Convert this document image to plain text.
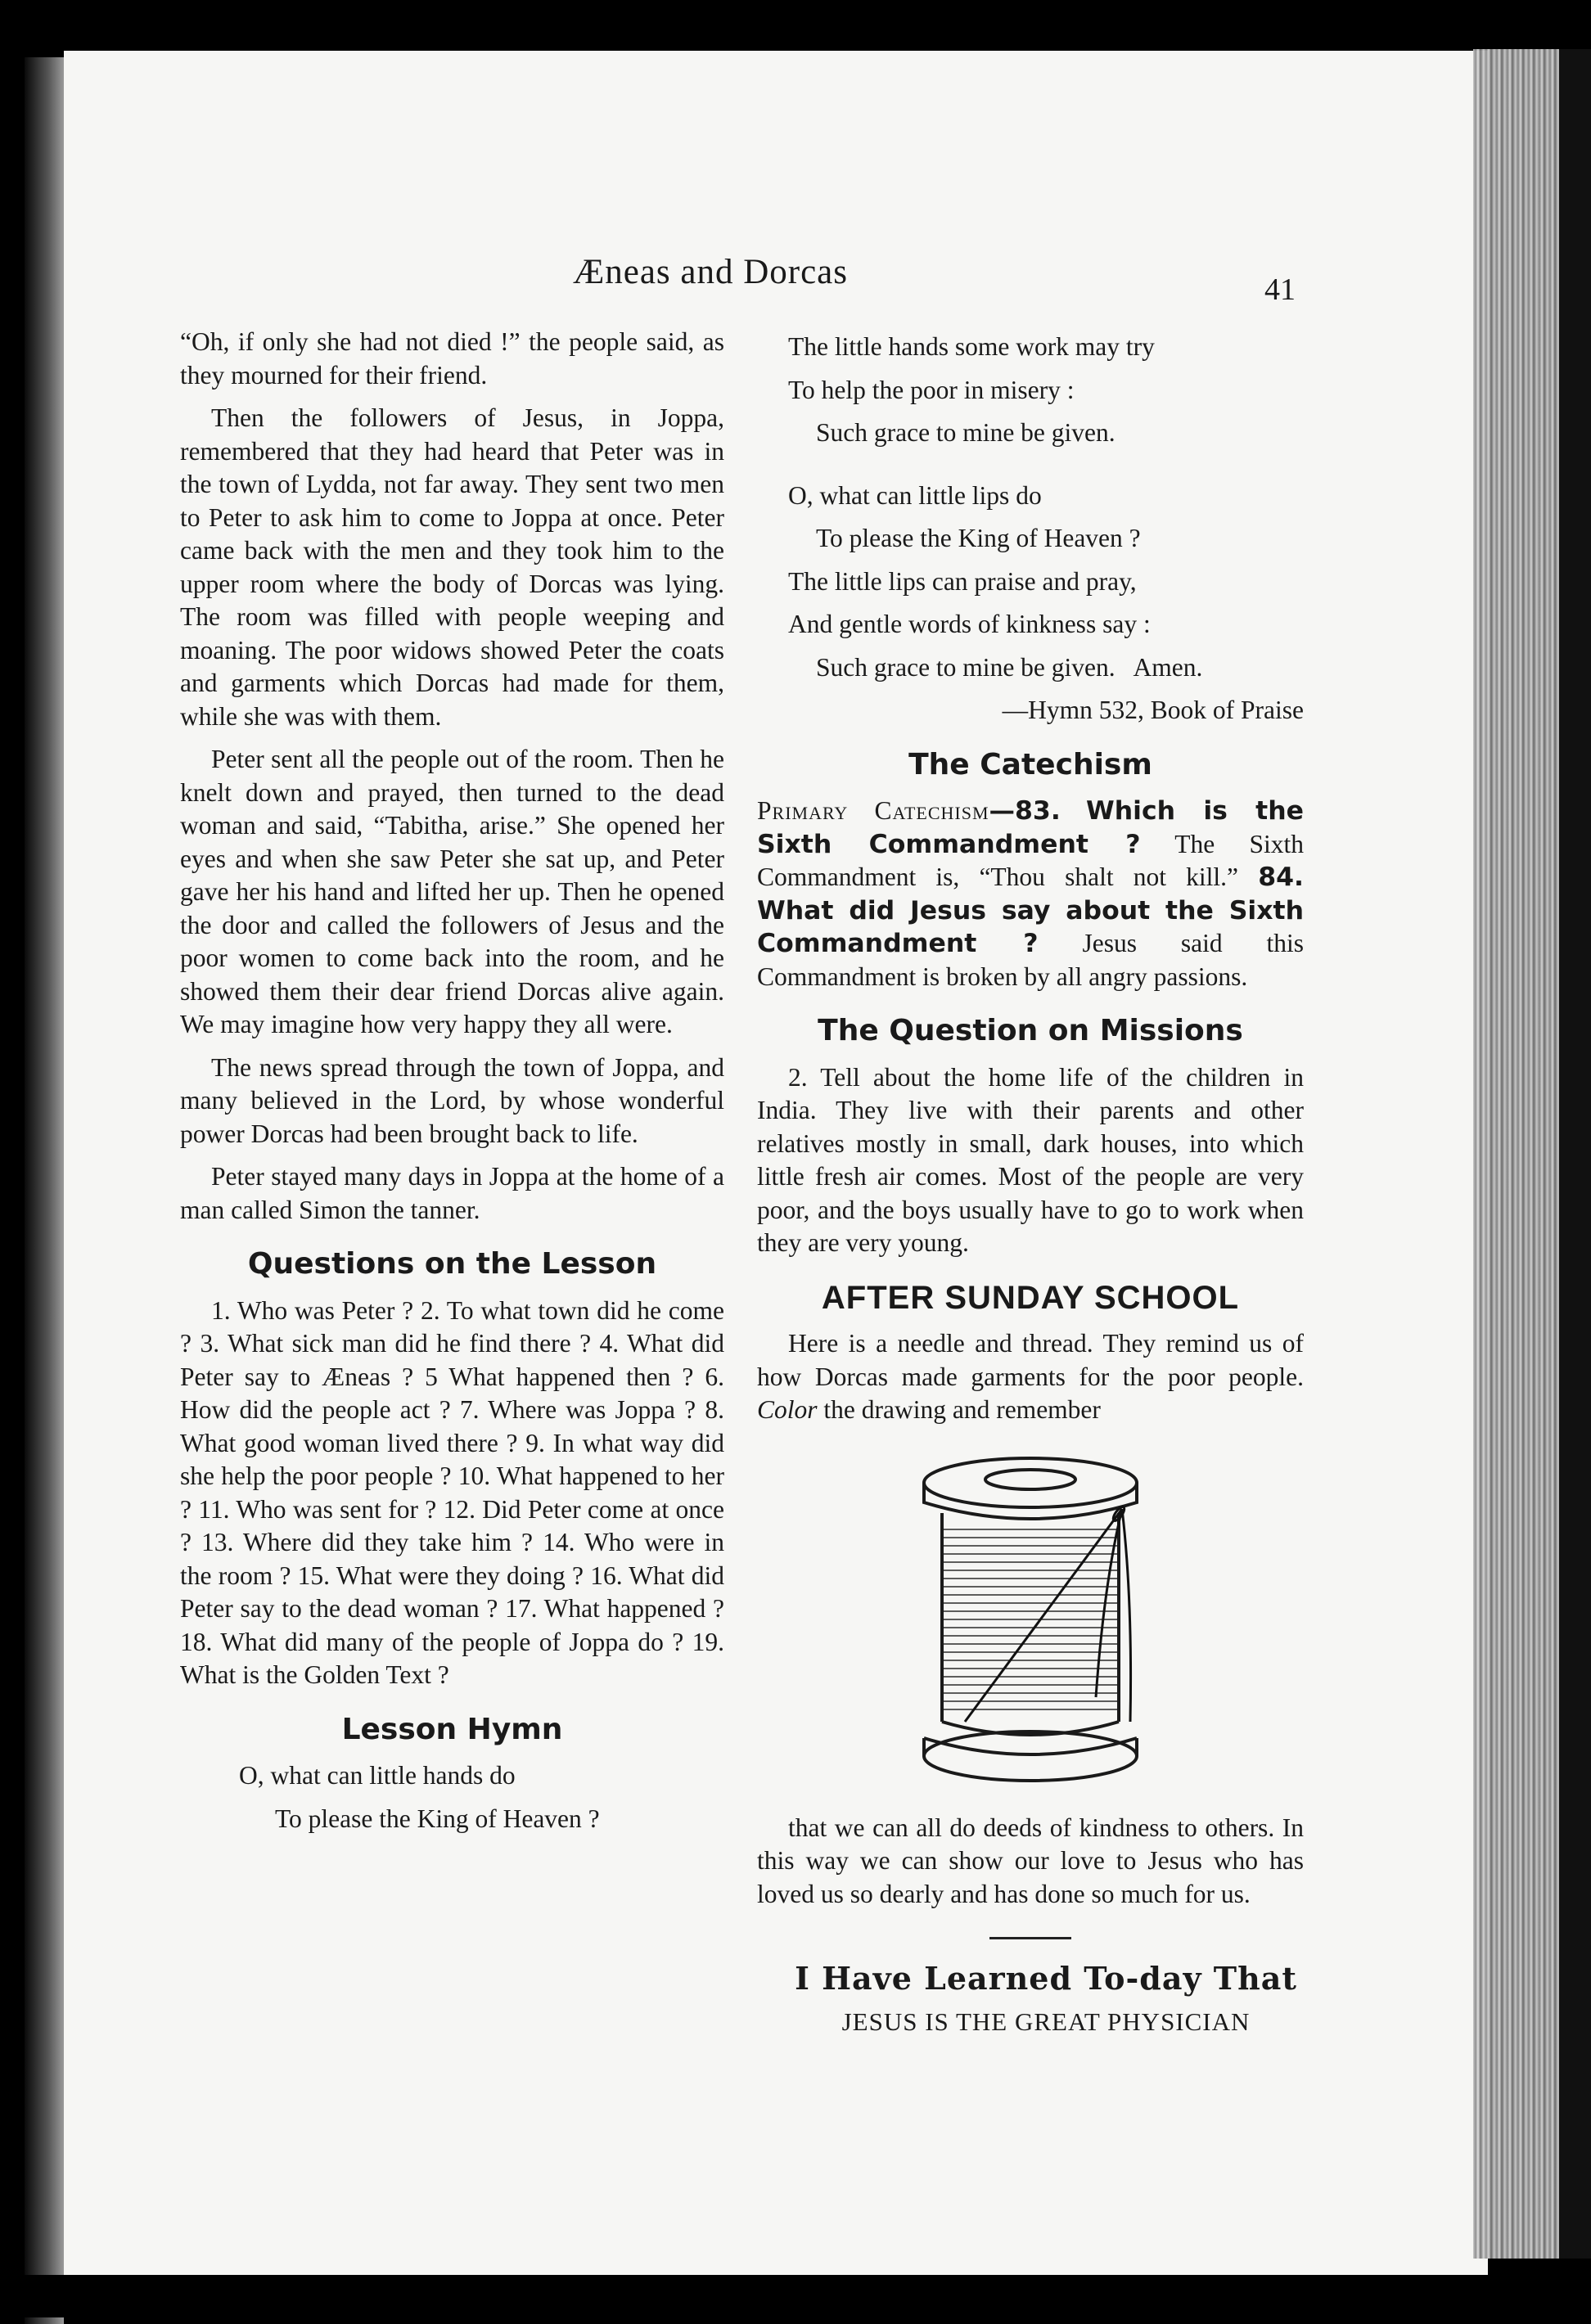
Æneas and Dorcas	41

“Oh, if only she had not died !” the people said, as they mourned for their friend.

Then the followers of Jesus, in Joppa, remembered that they had heard that Peter was in the town of Lydda, not far away. They sent two men to Peter to ask him to come to Joppa at once. Peter came back with the men and they took him to the upper room where the body of Dorcas was lying. The room was filled with people weeping and moaning. The poor widows showed Peter the coats and garments which Dorcas had made for them, while she was with them.

Peter sent all the people out of the room. Then he knelt down and prayed, then turned to the dead woman and said, “Tabitha, arise.” She opened her eyes and when she saw Peter she sat up, and Peter gave her his hand and lifted her up. Then he opened the door and called the followers of Jesus and the poor women to come back into the room, and he showed them their dear friend Dorcas alive again. We may imagine how very happy they all were.

The news spread through the town of Joppa, and many believed in the Lord, by whose wonderful power Dorcas had been brought back to life.

Peter stayed many days in Joppa at the home of a man called Simon the tanner.

Questions on the Lesson

1. Who was Peter ? 2. To what town did he come ? 3. What sick man did he find there ? 4. What did Peter say to Æneas ? 5 What happened then ? 6. How did the people act ? 7. Where was Joppa ? 8. What good woman lived there ? 9. In what way did she help the poor people ? 10. What happened to her ? 11. Who was sent for ? 12. Did Peter come at once ? 13. Where did they take him ? 14. Who were in the room ? 15. What were they doing ? 16. What did Peter say to the dead woman ? 17. What happened ? 18. What did many of the people of Joppa do ? 19. What is the Golden Text ?

Lesson Hymn

O, what can little hands do

To please the King of Heaven ?

The little hands some work may try

To help the poor in misery :

Such grace to mine be given.

O, what can little lips do

To please the King of Heaven ?

The little lips can praise and pray,

And gentle words of kinkness say :

Such grace to mine be given.   Amen.

—Hymn 532, Book of Praise

The Catechism

Primary Catechism—83. Which is the Sixth Commandment ? The Sixth Commandment is, “Thou shalt not kill.” 84. What did Jesus say about the Sixth Commandment ? Jesus said this Commandment is broken by all angry passions.

The Question on Missions

2. Tell about the home life of the children in India. They live with their parents and other relatives mostly in small, dark houses, into which little fresh air comes. Most of the people are very poor, and the boys usually have to go to work when they are very young.

AFTER SUNDAY SCHOOL

Here is a needle and thread. They remind us of how Dorcas made garments for the poor people. Color the drawing and remember

that we can all do deeds of kindness to others. In this way we can show our love to Jesus who has loved us so dearly and has done so much for us.

I Have Learned To-day That

JESUS IS THE GREAT PHYSICIAN
